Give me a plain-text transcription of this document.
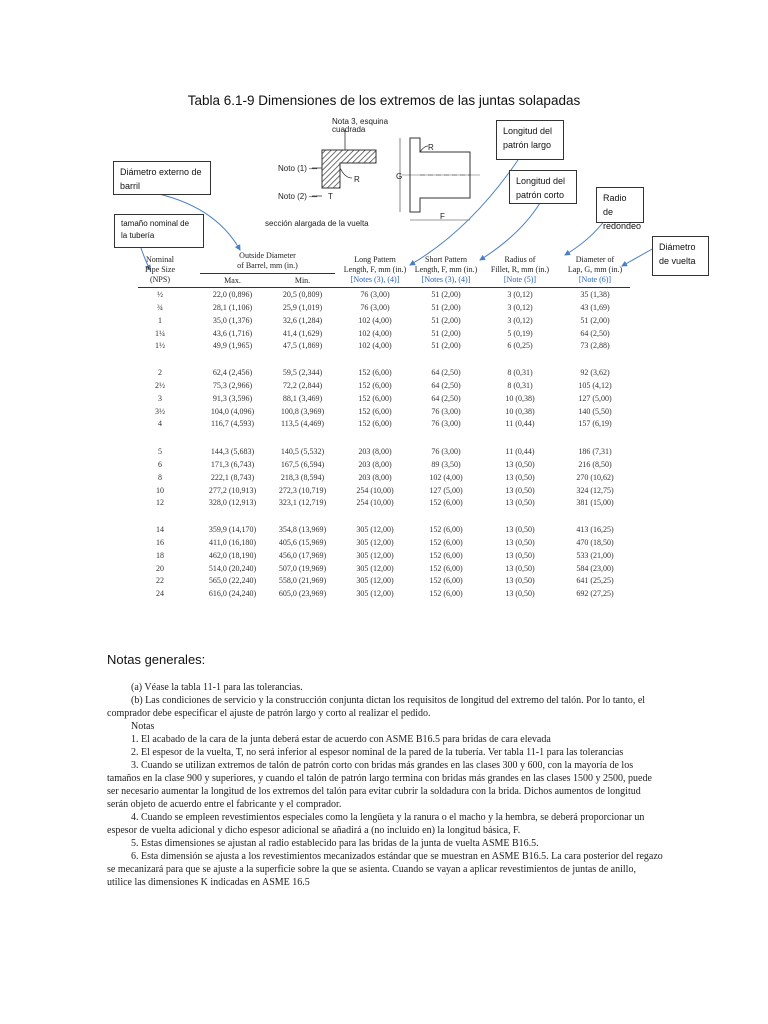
Tabla 6.1-9 Dimensiones de los extremos de las juntas solapadas
Nota 3, esquina cuadrada
Noto (1) —
Noto (2) —
sección alargada de la vuelta
R
R
T
G
F
Longitud del patrón largo
Longitud del patrón corto	Radio de redondeo
Diámetro externo de barril
tamaño nominal de la tubería
Diámetro de vuelta
Nominal
Pipe Size
(NPS)
Outside Diameter
of Barrel, mm (in.)
Max.	Min.
Long Pattern
Length, F, mm (in.)
[Notes (3), (4)]
Short Pattern
Length, F, mm (in.)
[Notes (3), (4)]
Radius of
Fillet, R, mm (in.)
[Note (5)]
Diameter of
Lap, G, mm (in.)
[Note (6)]
½	22,0 (0,896)	20,5 (0,809)	76 (3,00)	51 (2,00)	3 (0,12)	35 (1,38)
¾	28,1 (1,106)	25,9 (1,019)	76 (3,00)	51 (2,00)	3 (0,12)	43 (1,69)
1	35,0 (1,376)	32,6 (1,284)	102 (4,00)	51 (2,00)	3 (0,12)	51 (2,00)
1¼	43,6 (1,716)	41,4 (1,629)	102 (4,00)	51 (2,00)	5 (0,19)	64 (2,50)
1½	49,9 (1,965)	47,5 (1,869)	102 (4,00)	51 (2,00)	6 (0,25)	73 (2,88)
2	62,4 (2,456)	59,5 (2,344)	152 (6,00)	64 (2,50)	8 (0,31)	92 (3,62)
2½	75,3 (2,966)	72,2 (2,844)	152 (6,00)	64 (2,50)	8 (0,31)	105 (4,12)
3	91,3 (3,596)	88,1 (3,469)	152 (6,00)	64 (2,50)	10 (0,38)	127 (5,00)
3½	104,0 (4,096)	100,8 (3,969)	152 (6,00)	76 (3,00)	10 (0,38)	140 (5,50)
4	116,7 (4,593)	113,5 (4,469)	152 (6,00)	76 (3,00)	11 (0,44)	157 (6,19)
5	144,3 (5,683)	140,5 (5,532)	203 (8,00)	76 (3,00)	11 (0,44)	186 (7,31)
6	171,3 (6,743)	167,5 (6,594)	203 (8,00)	89 (3,50)	13 (0,50)	216 (8,50)
8	222,1 (8,743)	218,3 (8,594)	203 (8,00)	102 (4,00)	13 (0,50)	270 (10,62)
10	277,2 (10,913)	272,3 (10,719)	254 (10,00)	127 (5,00)	13 (0,50)	324 (12,75)
12	328,0 (12,913)	323,1 (12,719)	254 (10,00)	152 (6,00)	13 (0,50)	381 (15,00)
14	359,9 (14,170)	354,8 (13,969)	305 (12,00)	152 (6,00)	13 (0,50)	413 (16,25)
16	411,0 (16,180)	405,6 (15,969)	305 (12,00)	152 (6,00)	13 (0,50)	470 (18,50)
18	462,0 (18,190)	456,0 (17,969)	305 (12,00)	152 (6,00)	13 (0,50)	533 (21,00)
20	514,0 (20,240)	507,0 (19,969)	305 (12,00)	152 (6,00)	13 (0,50)	584 (23,00)
22	565,0 (22,240)	558,0 (21,969)	305 (12,00)	152 (6,00)	13 (0,50)	641 (25,25)
24	616,0 (24,240)	605,0 (23,969)	305 (12,00)	152 (6,00)	13 (0,50)	692 (27,25)
Notas generales:

(a) Véase la tabla 11-1 para las tolerancias.

(b) Las condiciones de servicio y la construcción conjunta dictan los requisitos de longitud del extremo del talón. Por lo tanto, el comprador debe especificar el ajuste de patrón largo y corto al realizar el pedido.

Notas

1. El acabado de la cara de la junta deberá estar de acuerdo con ASME B16.5 para bridas de cara elevada

2. El espesor de la vuelta, T, no será inferior al espesor nominal de la pared de la tubería. Ver tabla 11-1 para las tolerancias

3. Cuando se utilizan extremos de talón de patrón corto con bridas más grandes en las clases 300 y 600, con la mayoría de los tamaños en la clase 900 y superiores, y cuando el talón de patrón largo termina con bridas más grandes en las clases 1500 y 2500, puede ser necesario aumentar la longitud de los extremos del talón para evitar cubrir la soldadura con la brida. Dichos aumentos de longitud serán objeto de acuerdo entre el fabricante y el comprador.

4. Cuando se empleen revestimientos especiales como la lengüeta y la ranura o el macho y la hembra, se deberá proporcionar un espesor de vuelta adicional y dicho espesor adicional se añadirá a (no incluido en) la longitud básica, F.

5. Estas dimensiones se ajustan al radio establecido para las bridas de la junta de vuelta ASME B16.5.

6. Esta dimensión se ajusta a los revestimientos mecanizados estándar que se muestran en ASME B16.5. La cara posterior del regazo se mecanizará para que se ajuste a la superficie sobre la que se asienta. Cuando se vayan a aplicar revestimientos de juntas de anillo, utilice las dimensiones K indicadas en ASME 16.5
